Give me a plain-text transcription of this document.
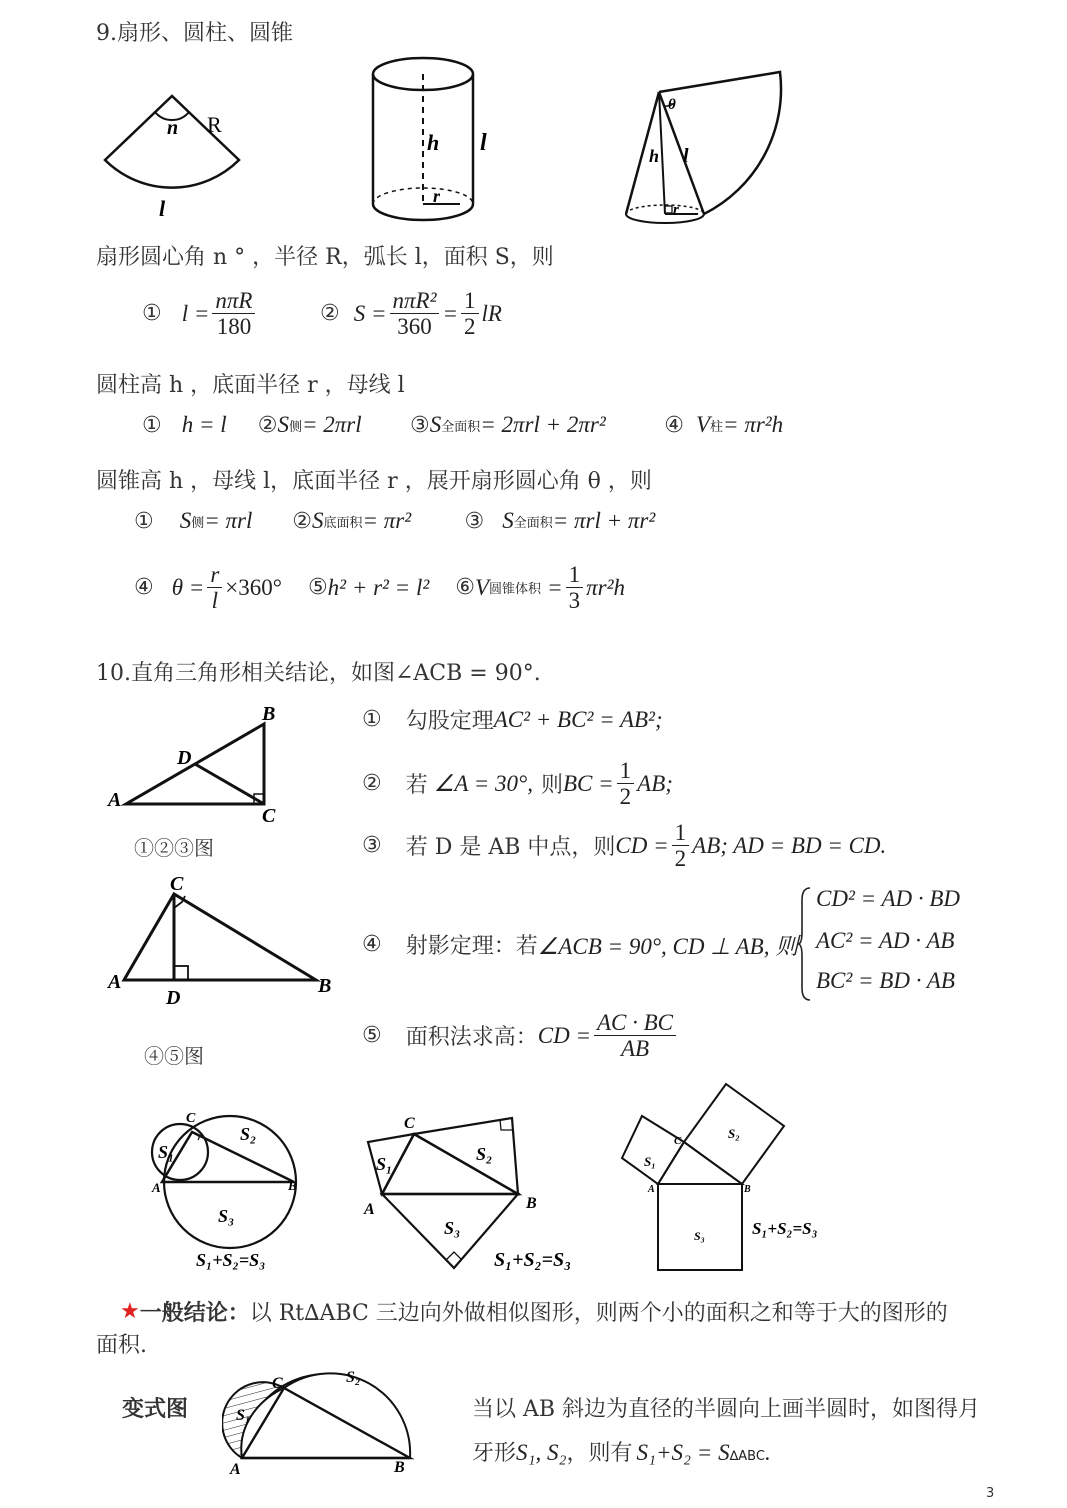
9.扇形、圆柱、圆锥
n R
l
h l
r
θ
h l
r
扇形圆心角 n ° ，半径 R，弧长 l，面积 S，则
① $l = \frac{\text{nπR}}{180}$	② $S = \frac{\text{nπR²}}{360} = \frac{1}{2}$ lR
圆柱高 h ，底面半径 r ，母线 l
① h = l	② S 侧 = 2πrl	③ S 全面积 = 2πrl + 2πr²	④ V 柱 = πr²h
圆锥高 h ，母线 l，底面半径 r ，展开扇形圆心角 θ ，则
① S 侧 = πrl	② S 底面积 = πr²	③ S 全面积 = πrl + πr²
④ $\theta = \frac{r}{l} \times 360^\circ$ ⑤ h² + r² = l² ⑥ V 圆锥体积 = $\frac{1}{3} \pi r^2h$
10.直角三角形相关结论，如图∠ACB = 90°.
A
B
C
D
①②③图
A	B
C
D
④⑤图
① 勾股定理 AC² + BC² = AB²;
② 若 ∠A = 30°, 则 BC = $\frac{1}{2}$ AB;
③ 若 D 是 AB 中点，则 CD = $\frac{1}{2}$ AB; AD = BD = CD.
④ 射影定理：若 ∠ACB = 90°, CD ⊥ AB, 则
CD² = AD · BD
AC² = AD · AB
BC² = BD · AB
⑤ 面积法求高： CD = $\frac{AC \cdot BC}{AB}$
C
A	B
S₁
S₂
S₃
S₁+S₂=S₃
C
A	B
S₁	S₂
S₃
S₁+S₂=S₃
C
A	B
S₁
S₂
S₃	S₁+S₂=S₃
★ 一般结论： 以 Rt∆ABC 三边向外做相似图形，则两个小的面积之和等于大的图形的
面积.
变式图
A	B
C
S₁
S₂
当以 AB 斜边为直径的半圆向上画半圆时，如图得月
牙形 S₁, S₂ ，则有 S₁+S₂ = S ∆ABC .
3
